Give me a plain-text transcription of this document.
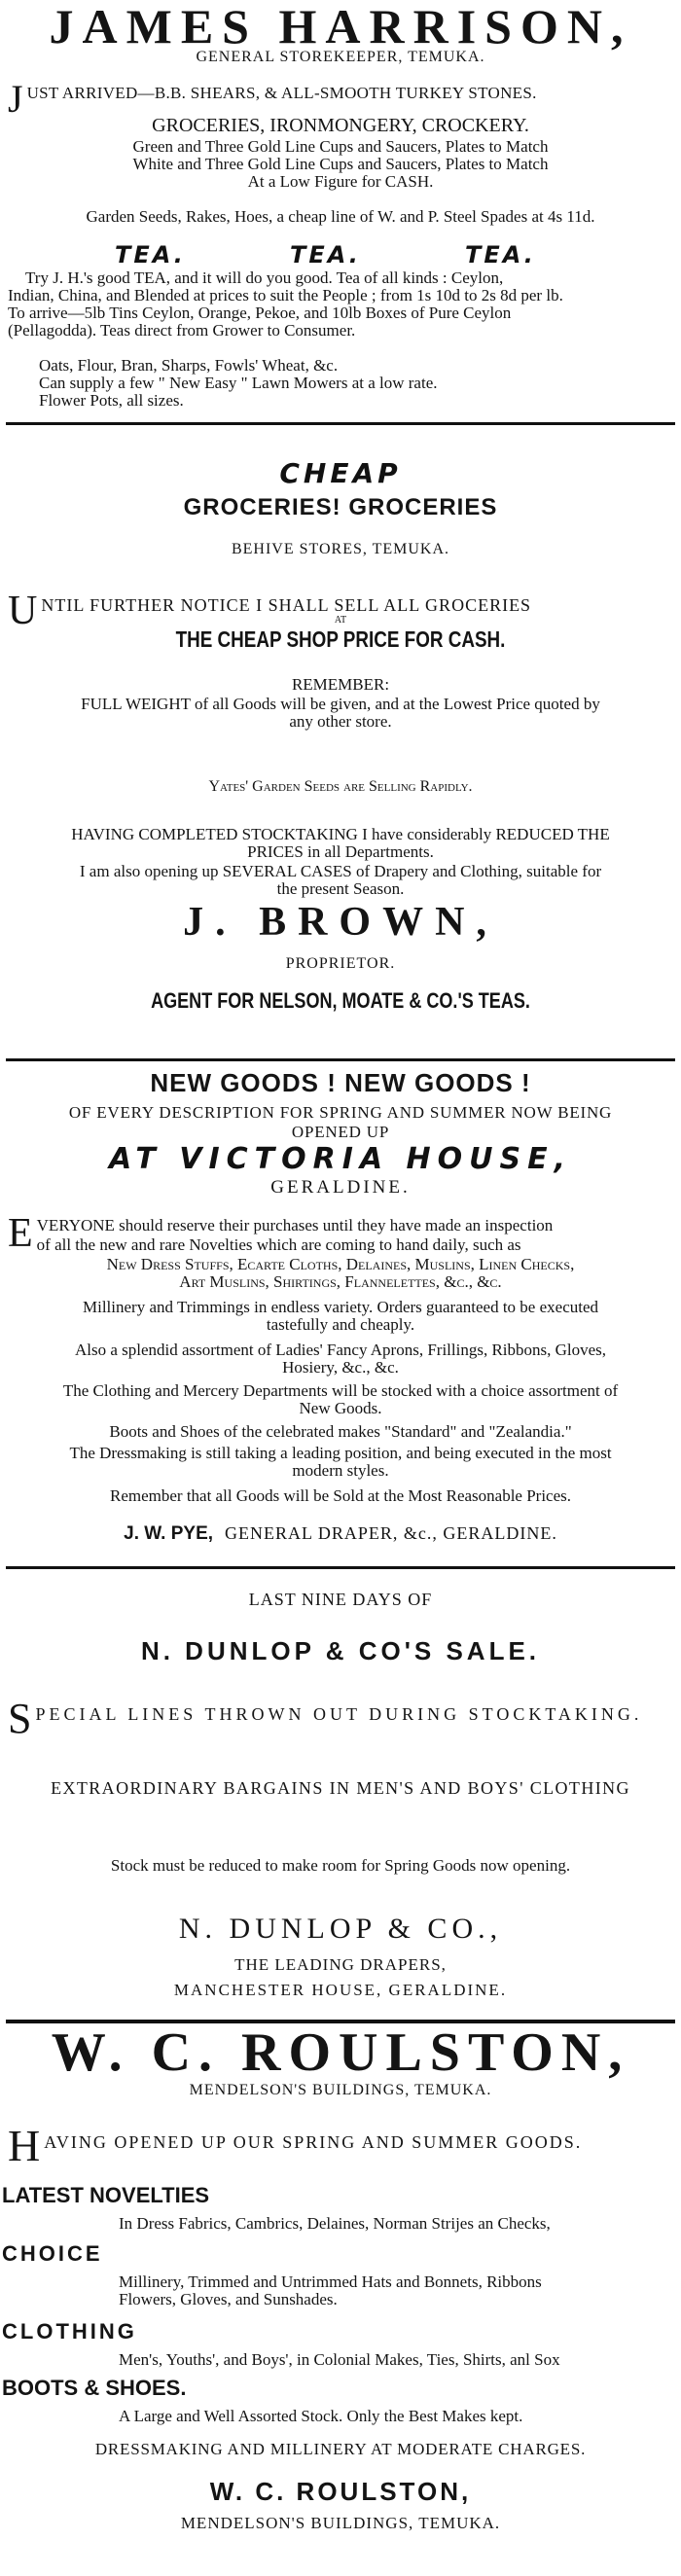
JAMES HARRISON,
GENERAL STOREKEEPER, TEMUKA.
J UST ARRIVED—B.B. SHEARS, & ALL-SMOOTH TURKEY STONES.
GROCERIES, IRONMONGERY, CROCKERY.
Green and Three Gold Line Cups and Saucers, Plates to Match
White and Three Gold Line Cups and Saucers, Plates to Match
At a Low Figure for CASH.
Garden Seeds, Rakes, Hoes, a cheap line of W. and P. Steel Spades at 4s 11d.
TEA.	TEA.	TEA.
Try J. H.'s good TEA, and it will do you good. Tea of all kinds : Ceylon,
Indian, China, and Blended at prices to suit the People ; from 1s 10d to 2s 8d per lb.
To arrive—5lb Tins Ceylon, Orange, Pekoe, and 10lb Boxes of Pure Ceylon
(Pellagodda). Teas direct from Grower to Consumer.
Oats, Flour, Bran, Sharps, Fowls' Wheat, &c.
Can supply a few " New Easy " Lawn Mowers at a low rate.
Flower Pots, all sizes.
CHEAP
GROCERIES! GROCERIES
BEHIVE STORES, TEMUKA.
U NTIL FURTHER NOTICE I SHALL SELL ALL GROCERIES
AT
THE CHEAP SHOP PRICE FOR CASH.
REMEMBER:
FULL WEIGHT of all Goods will be given, and at the Lowest Price quoted by
any other store.
Yates' Garden Seeds are Selling Rapidly.
HAVING COMPLETED STOCKTAKING I have considerably REDUCED THE
PRICES in all Departments.
I am also opening up SEVERAL CASES of Drapery and Clothing, suitable for
the present Season.
J. BROWN,
PROPRIETOR.
AGENT FOR NELSON, MOATE & CO.'S TEAS.
NEW GOODS ! NEW GOODS !
OF EVERY DESCRIPTION FOR SPRING AND SUMMER NOW BEING
OPENED UP
AT VICTORIA HOUSE,
GERALDINE.
E VERYONE should reserve their purchases until they have made an inspection
of all the new and rare Novelties which are coming to hand daily, such as
New Dress Stuffs, Ecarte Cloths, Delaines, Muslins, Linen Checks,
Art Muslins, Shirtings, Flannelettes, &c., &c.
Millinery and Trimmings in endless variety. Orders guaranteed to be executed
tastefully and cheaply.
Also a splendid assortment of Ladies' Fancy Aprons, Frillings, Ribbons, Gloves,
Hosiery, &c., &c.
The Clothing and Mercery Departments will be stocked with a choice assortment of
New Goods.
Boots and Shoes of the celebrated makes "Standard" and "Zealandia."
The Dressmaking is still taking a leading position, and being executed in the most
modern styles.
Remember that all Goods will be Sold at the Most Reasonable Prices.
J. W. PYE, GENERAL DRAPER, &c., GERALDINE.
LAST NINE DAYS OF
N. DUNLOP & CO'S SALE.
S PECIAL LINES THROWN OUT DURING STOCKTAKING.
EXTRAORDINARY BARGAINS IN MEN'S AND BOYS' CLOTHING
Stock must be reduced to make room for Spring Goods now opening.
N. DUNLOP & CO.,
THE LEADING DRAPERS,
MANCHESTER HOUSE, GERALDINE.
W. C. ROULSTON,
MENDELSON'S BUILDINGS, TEMUKA.
H AVING OPENED UP OUR SPRING AND SUMMER GOODS.
LATEST NOVELTIES
In Dress Fabrics, Cambrics, Delaines, Norman Strijes an Checks,
CHOICE
Millinery, Trimmed and Untrimmed Hats and Bonnets, Ribbons
Flowers, Gloves, and Sunshades.
CLOTHING
Men's, Youths', and Boys', in Colonial Makes, Ties, Shirts, anl Sox
BOOTS & SHOES.
A Large and Well Assorted Stock. Only the Best Makes kept.
DRESSMAKING AND MILLINERY AT MODERATE CHARGES.
W. C. ROULSTON,
MENDELSON'S BUILDINGS, TEMUKA.
